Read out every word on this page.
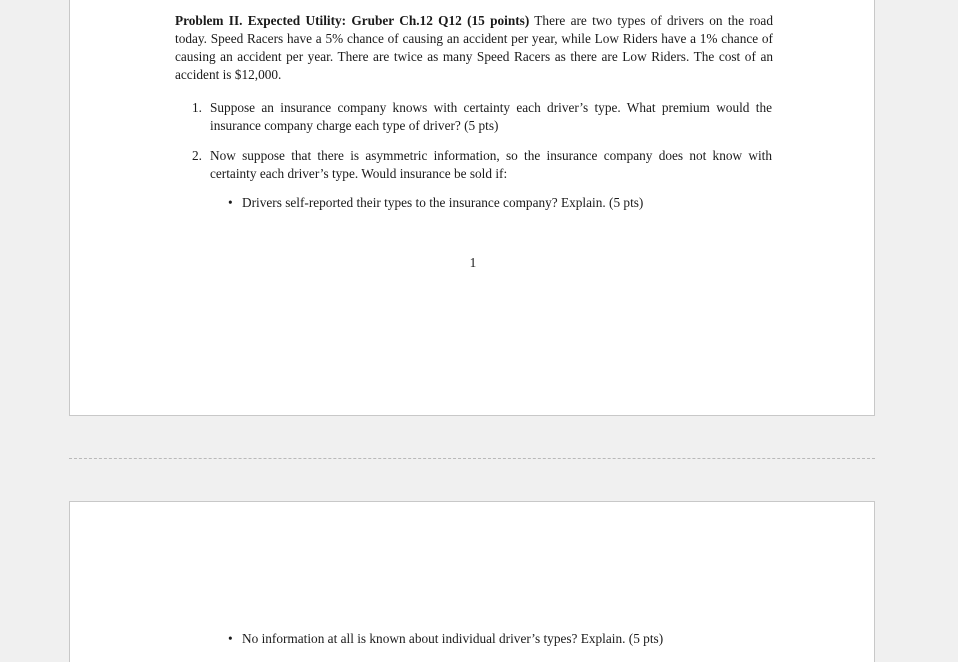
Problem II. Expected Utility: Gruber Ch.12 Q12 (15 points) There are two types of drivers on the road today. Speed Racers have a 5% chance of causing an accident per year, while Low Riders have a 1% chance of causing an accident per year. There are twice as many Speed Racers as there are Low Riders. The cost of an accident is $12,000.

1. Suppose an insurance company knows with certainty each driver’s type. What premium would the insurance company charge each type of driver? (5 pts)
2. Now suppose that there is asymmetric information, so the insurance company does not know with certainty each driver’s type. Would insurance be sold if:
• Drivers self-reported their types to the insurance company? Explain. (5 pts)
1
• No information at all is known about individual driver’s types? Explain. (5 pts)
